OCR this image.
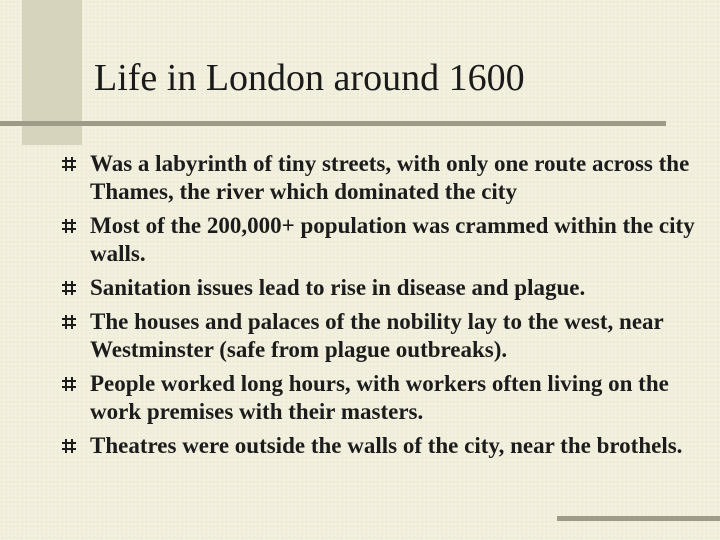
Life in London around 1600
Was a labyrinth of tiny streets, with only one route across the Thames, the river which dominated the city
Most of the 200,000+ population was crammed within the city walls.
Sanitation issues lead to rise in disease and plague.
The houses and palaces of the nobility lay to the west, near Westminster (safe from plague outbreaks).
People worked long hours, with workers often living on the work premises with their masters.
Theatres were outside the walls of the city, near the brothels.
